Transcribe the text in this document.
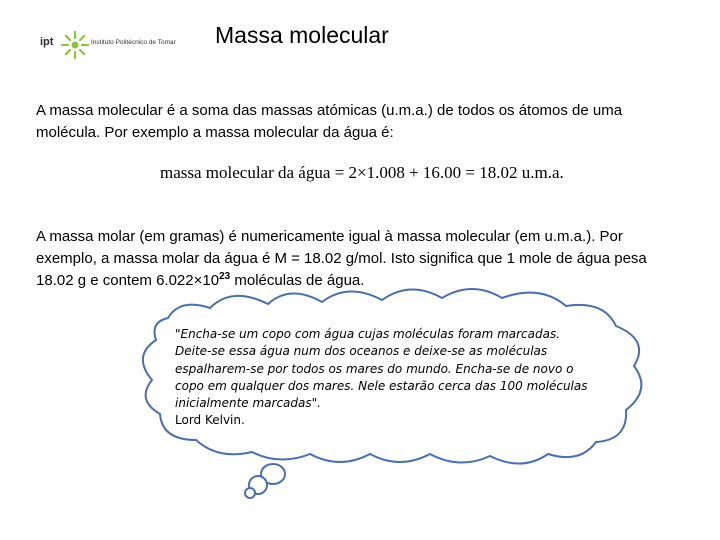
ipt	Instituto Politécnico de Tomar Massa molecular
A massa molecular é a soma das massas atómicas (u.m.a.) de todos os átomos de uma molécula. Por exemplo a massa molecular da água é:
massa molecular da água = 2×1.008 + 16.00 = 18.02 u.m.a.
A massa molar (em gramas) é numericamente igual à massa molecular (em u.m.a.). Por exemplo, a massa molar da água é M = 18.02 g/mol. Isto significa que 1 mole de água pesa 18.02 g e contem $6.022\times 10^{23}$ moléculas de água.
"Encha-se um copo com água cujas moléculas foram marcadas. Deite-se essa água num dos oceanos e deixe-se as moléculas espalharem-se por todos os mares do mundo. Encha-se de novo o copo em qualquer dos mares. Nele estarão cerca das 100 moléculas inicialmente marcadas".
Lord Kelvin.
